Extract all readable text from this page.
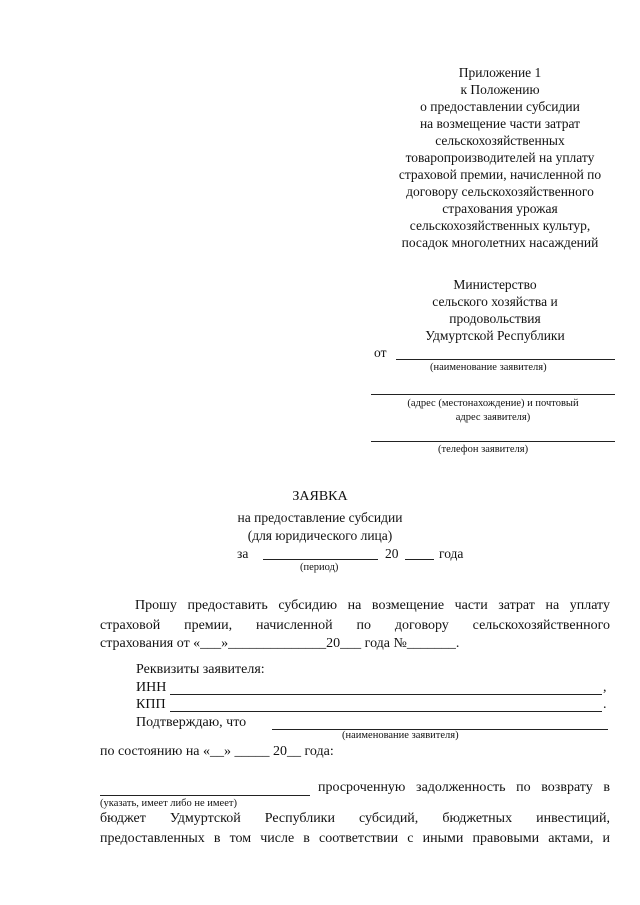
Приложение 1
к Положению
о предоставлении субсидии
на возмещение части затрат
сельскохозяйственных
товаропроизводителей на уплату
страховой премии, начисленной по
договору сельскохозяйственного
страхования урожая
сельскохозяйственных культур,
посадок многолетних насаждений
Министерство
сельского хозяйства и
продовольствия
Удмуртской Республики
от
(наименование заявителя)
(адрес (местонахождение) и почтовый
адрес заявителя)
(телефон заявителя)
ЗАЯВКА
на предоставление субсидии
(для юридического лица)
за	20	года
(период)
Прошу предоставить субсидию на возмещение части затрат на уплату страховой премии, начисленной по договору сельскохозяйственного
страхования от «___»______________20___ года №_______.
Реквизиты заявителя:
ИНН	,
КПП	.
Подтверждаю, что
(наименование заявителя)
по состоянию на «__» _____ 20__ года:
просроченную задолженность по возврату в
(указать, имеет либо не имеет)
бюджет Удмуртской Республики субсидий, бюджетных инвестиций,
предоставленных в том числе в соответствии с иными правовыми актами, и
